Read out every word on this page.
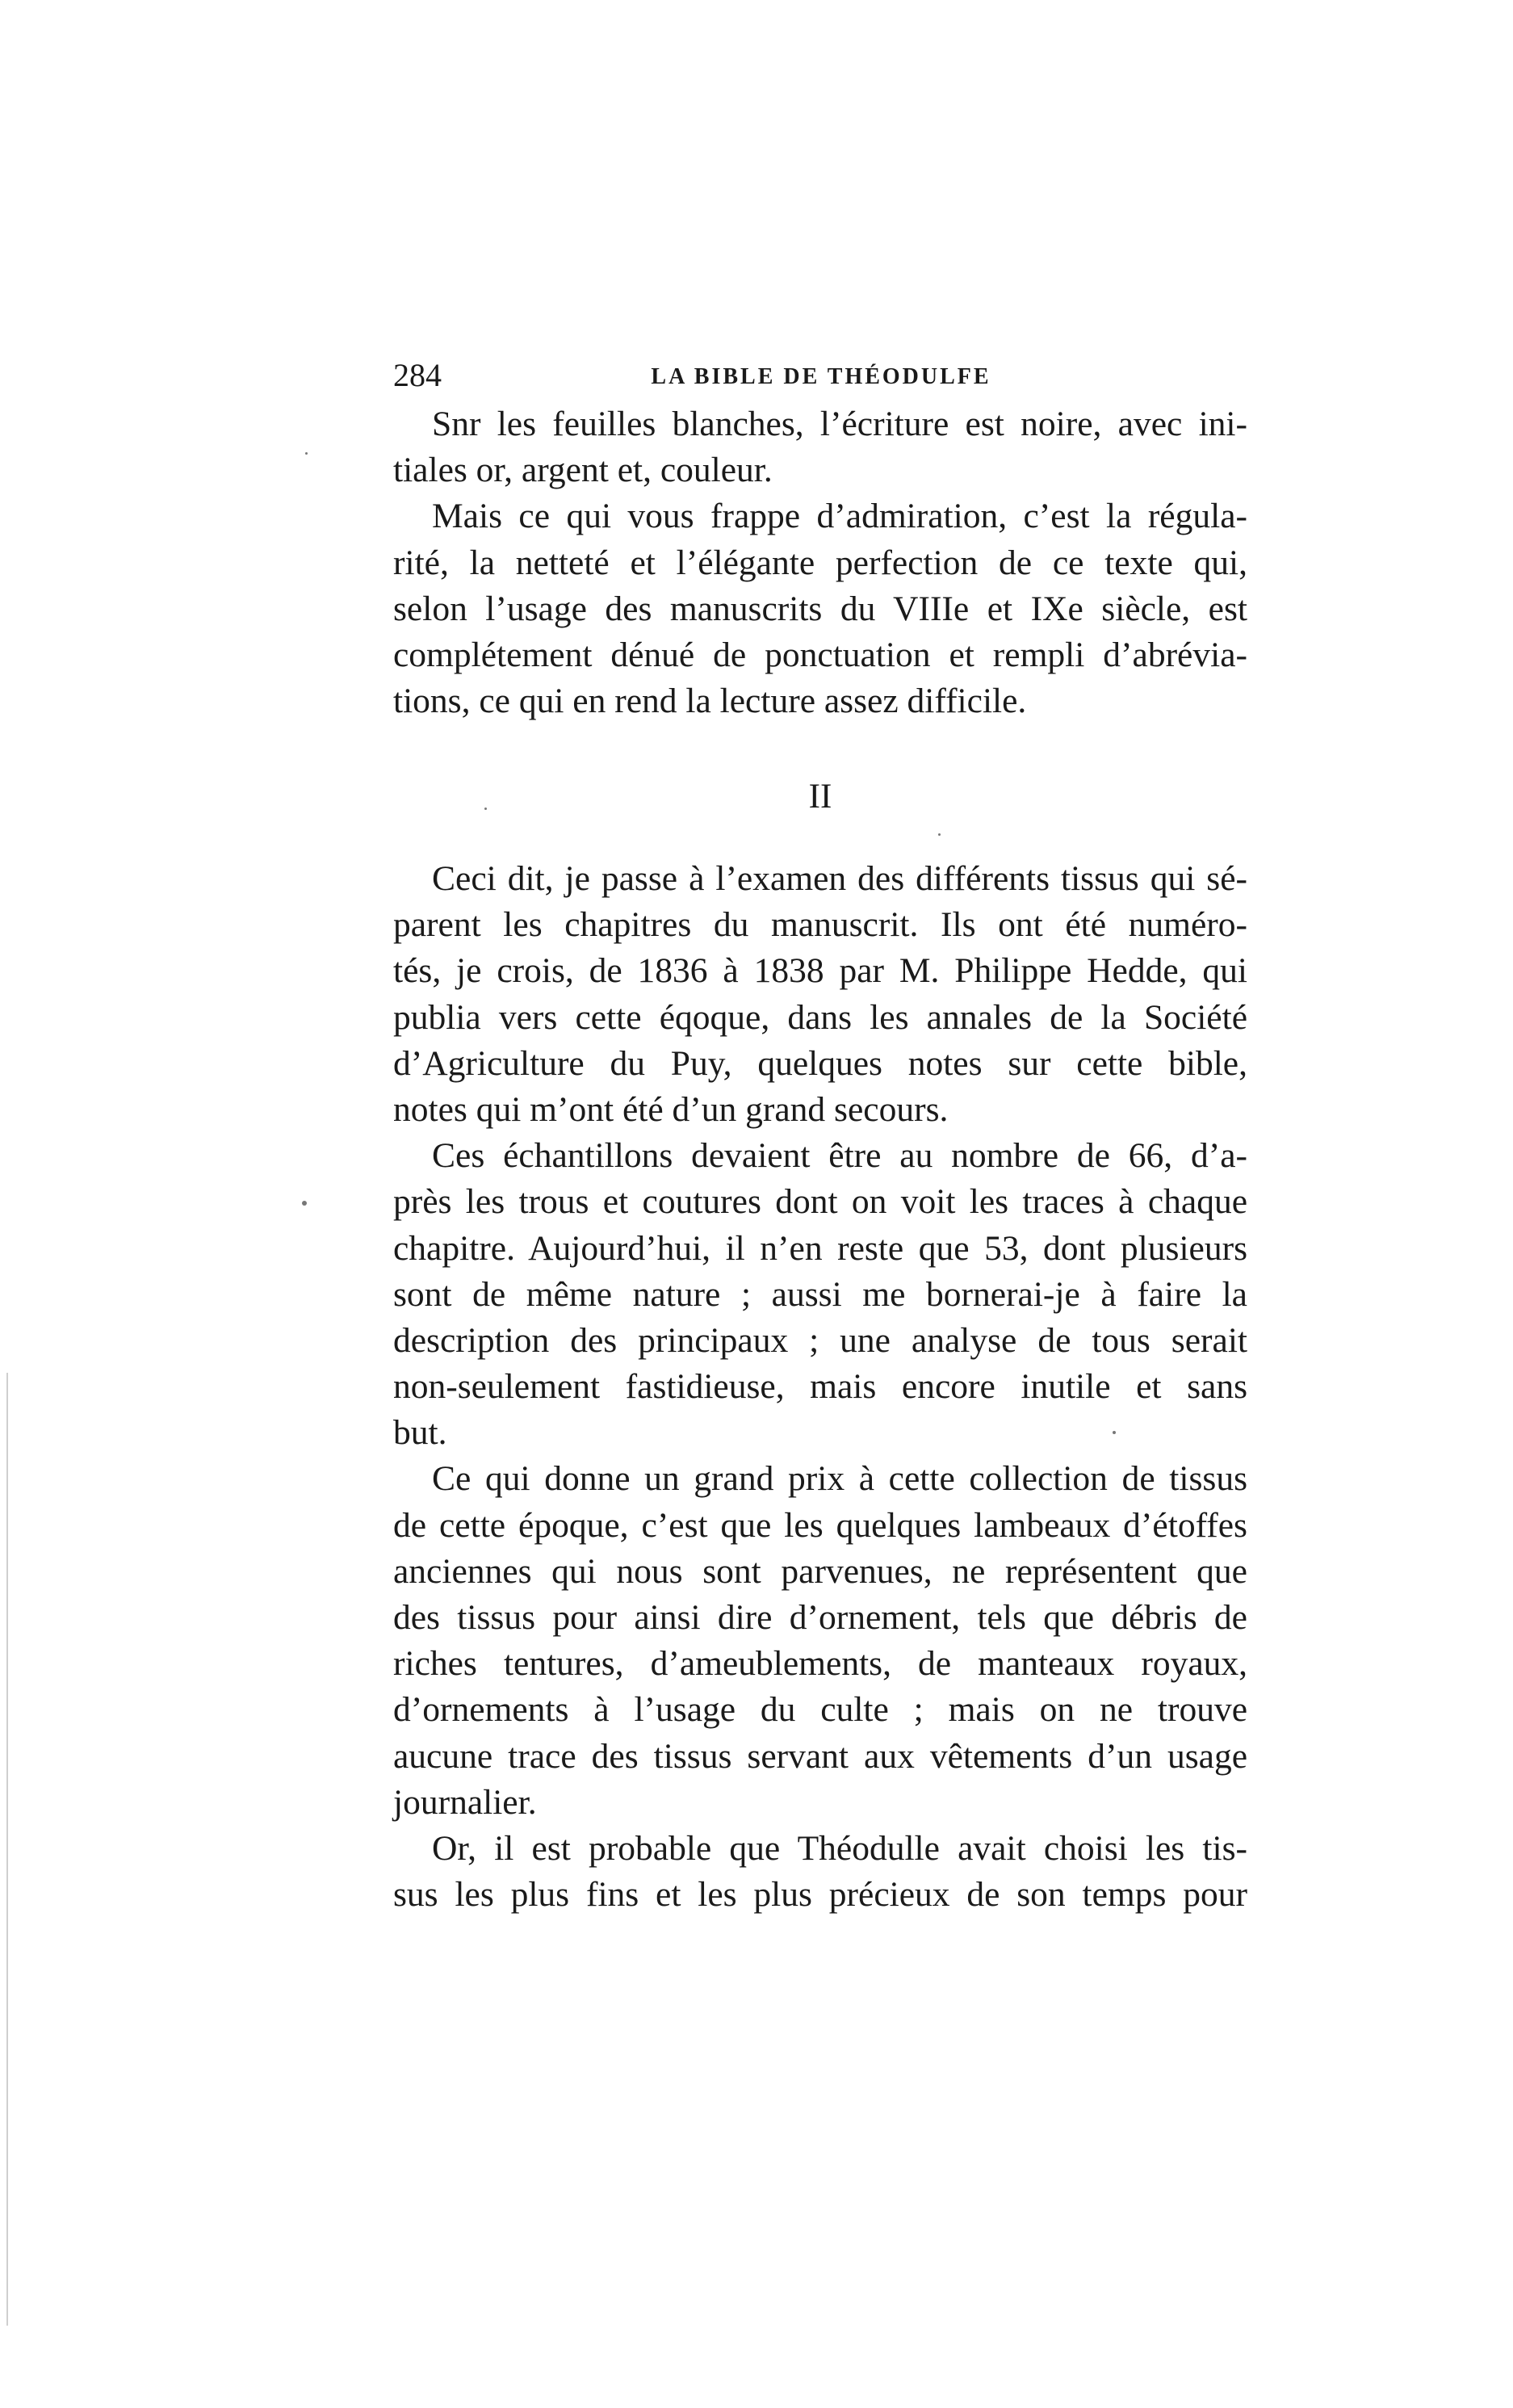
284	LA BIBLE DE THÉODULFE
Snr les feuilles blanches, l’écriture est noire, avec ini-
tiales or, argent et, couleur.
Mais ce qui vous frappe d’admiration, c’est la régula-
rité, la netteté et l’élégante perfection de ce texte qui,
selon l’usage des manuscrits du VIIIe et IXe siècle, est
complétement dénué de ponctuation et rempli d’abrévia-
tions, ce qui en rend la lecture assez difficile.
II
Ceci dit, je passe à l’examen des différents tissus qui sé-
parent les chapitres du manuscrit. Ils ont été numéro-
tés, je crois, de 1836 à 1838 par M. Philippe Hedde, qui
publia vers cette éqoque, dans les annales de la Société
d’Agriculture du Puy, quelques notes sur cette bible,
notes qui m’ont été d’un grand secours.
Ces échantillons devaient être au nombre de 66, d’a-
près les trous et coutures dont on voit les traces à chaque
chapitre. Aujourd’hui, il n’en reste que 53, dont plusieurs
sont de même nature ; aussi me bornerai-je à faire la
description des principaux ; une analyse de tous serait
non-seulement fastidieuse, mais encore inutile et sans
but.
Ce qui donne un grand prix à cette collection de tissus
de cette époque, c’est que les quelques lambeaux d’étoffes
anciennes qui nous sont parvenues, ne représentent que
des tissus pour ainsi dire d’ornement, tels que débris de
riches tentures, d’ameublements, de manteaux royaux,
d’ornements à l’usage du culte ; mais on ne trouve
aucune trace des tissus servant aux vêtements d’un usage
journalier.
Or, il est probable que Théodulle avait choisi les tis-
sus les plus fins et les plus précieux de son temps pour
